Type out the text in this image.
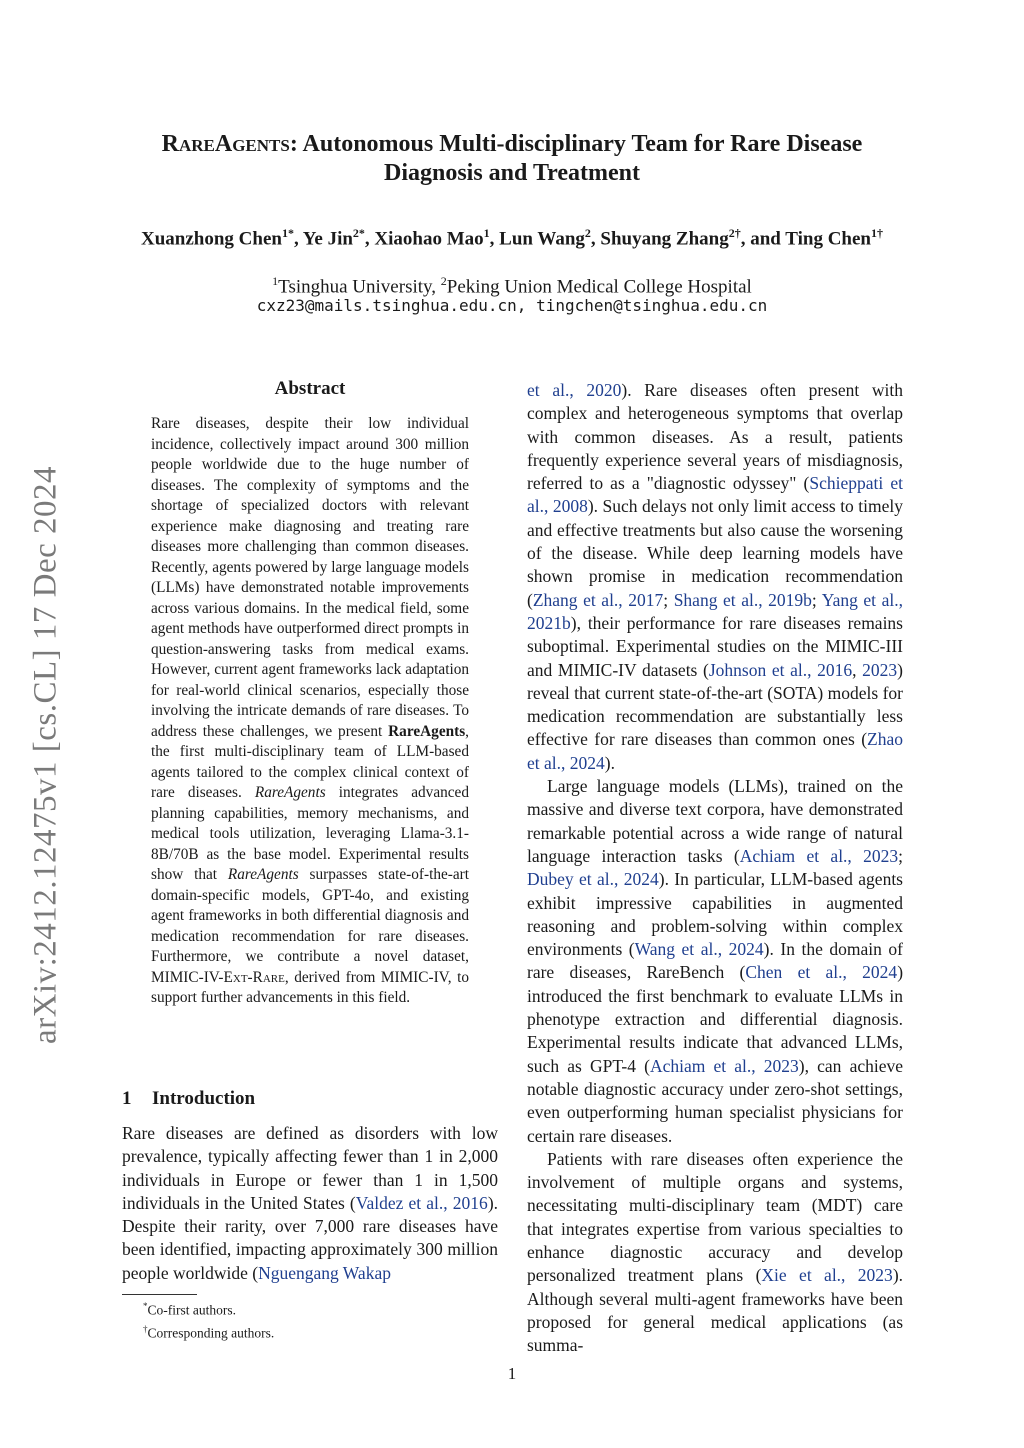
arXiv:2412.12475v1 [cs.CL] 17 Dec 2024
RareAgents: Autonomous Multi-disciplinary Team for Rare Disease
Diagnosis and Treatment
Xuanzhong Chen$^{1*}$, Ye Jin$^{2*}$, Xiaohao Mao$^1$, Lun Wang$^2$, Shuyang Zhang$^{2\dagger}$, and Ting Chen$^{1\dagger}$
$^1$Tsinghua University, $^2$Peking Union Medical College Hospital
cxz23@mails.tsinghua.edu.cn, tingchen@tsinghua.edu.cn
Abstract

Rare diseases, despite their low individual incidence, collectively impact around 300 million people worldwide due to the huge number of diseases. The complexity of symptoms and the shortage of specialized doctors with relevant experience make diagnosing and treating rare diseases more challenging than common diseases. Recently, agents powered by large language models (LLMs) have demonstrated notable improvements across various domains. In the medical field, some agent methods have outperformed direct prompts in question-answering tasks from medical exams. However, current agent frameworks lack adaptation for real-world clinical scenarios, especially those involving the intricate demands of rare diseases. To address these challenges, we present RareAgents, the first multi-disciplinary team of LLM-based agents tailored to the complex clinical context of rare diseases. RareAgents integrates advanced planning capabilities, memory mechanisms, and medical tools utilization, leveraging Llama-3.1-8B/70B as the base model. Experimental results show that RareAgents surpasses state-of-the-art domain-specific models, GPT-4o, and existing agent frameworks in both differential diagnosis and medication recommendation for rare diseases. Furthermore, we contribute a novel dataset, MIMIC-IV-Ext-Rare, derived from MIMIC-IV, to support further advancements in this field.

1 Introduction

Rare diseases are defined as disorders with low prevalence, typically affecting fewer than 1 in 2,000 individuals in Europe or fewer than 1 in 1,500 individuals in the United States (Valdez et al., 2016). Despite their rarity, over 7,000 rare diseases have been identified, impacting approximately 300 million people worldwide (Nguengang Wakap

*Co-first authors.
†Corresponding authors.

et al., 2020). Rare diseases often present with complex and heterogeneous symptoms that overlap with common diseases. As a result, patients frequently experience several years of misdiagnosis, referred to as a "diagnostic odyssey" (Schieppati et al., 2008). Such delays not only limit access to timely and effective treatments but also cause the worsening of the disease. While deep learning models have shown promise in medication recommendation (Zhang et al., 2017; Shang et al., 2019b; Yang et al., 2021b), their performance for rare diseases remains suboptimal. Experimental studies on the MIMIC-III and MIMIC-IV datasets (Johnson et al., 2016, 2023) reveal that current state-of-the-art (SOTA) models for medication recommendation are substantially less effective for rare diseases than common ones (Zhao et al., 2024).

Large language models (LLMs), trained on the massive and diverse text corpora, have demonstrated remarkable potential across a wide range of natural language interaction tasks (Achiam et al., 2023; Dubey et al., 2024). In particular, LLM-based agents exhibit impressive capabilities in augmented reasoning and problem-solving within complex environments (Wang et al., 2024). In the domain of rare diseases, RareBench (Chen et al., 2024) introduced the first benchmark to evaluate LLMs in phenotype extraction and differential diagnosis. Experimental results indicate that advanced LLMs, such as GPT-4 (Achiam et al., 2023), can achieve notable diagnostic accuracy under zero-shot settings, even outperforming human specialist physicians for certain rare diseases.

Patients with rare diseases often experience the involvement of multiple organs and systems, necessitating multi-disciplinary team (MDT) care that integrates expertise from various specialties to enhance diagnostic accuracy and develop personalized treatment plans (Xie et al., 2023). Although several multi-agent frameworks have been proposed for general medical applications (as summa-

1
